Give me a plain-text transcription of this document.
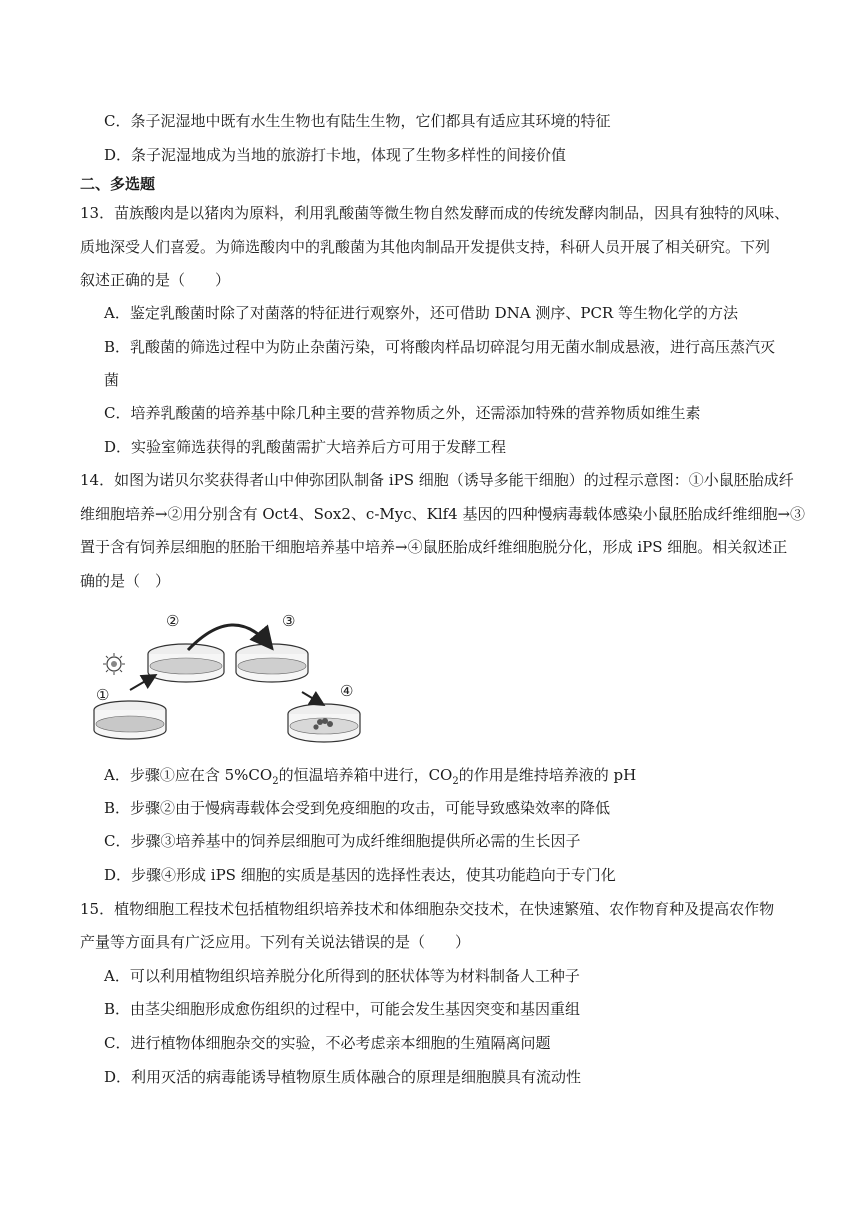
C．条子泥湿地中既有水生生物也有陆生生物，它们都具有适应其环境的特征
D．条子泥湿地成为当地的旅游打卡地，体现了生物多样性的间接价值
二、多选题
13．苗族酸肉是以猪肉为原料，利用乳酸菌等微生物自然发酵而成的传统发酵肉制品，因具有独特的风味、
质地深受人们喜爱。为筛选酸肉中的乳酸菌为其他肉制品开发提供支持，科研人员开展了相关研究。下列
叙述正确的是（　　）
A．鉴定乳酸菌时除了对菌落的特征进行观察外，还可借助 DNA 测序、PCR 等生物化学的方法
B．乳酸菌的筛选过程中为防止杂菌污染，可将酸肉样品切碎混匀用无菌水制成悬液，进行高压蒸汽灭
菌
C．培养乳酸菌的培养基中除几种主要的营养物质之外，还需添加特殊的营养物质如维生素
D．实验室筛选获得的乳酸菌需扩大培养后方可用于发酵工程
14．如图为诺贝尔奖获得者山中伸弥团队制备 iPS 细胞（诱导多能干细胞）的过程示意图：①小鼠胚胎成纤
维细胞培养→②用分别含有 Oct4、Sox2、c-Myc、Klf4 基因的四种慢病毒载体感染小鼠胚胎成纤维细胞→③
置于含有饲养层细胞的胚胎干细胞培养基中培养→④鼠胚胎成纤维细胞脱分化，形成 iPS 细胞。相关叙述正
确的是（　）
①
②	③
④
A．步骤①应在含 $5\%CO_2$的恒温培养箱中进行，$CO_2$的作用是维持培养液的 pH
B．步骤②由于慢病毒载体会受到免疫细胞的攻击，可能导致感染效率的降低
C．步骤③培养基中的饲养层细胞可为成纤维细胞提供所必需的生长因子
D．步骤④形成 iPS 细胞的实质是基因的选择性表达，使其功能趋向于专门化
15．植物细胞工程技术包括植物组织培养技术和体细胞杂交技术，在快速繁殖、农作物育种及提高农作物
产量等方面具有广泛应用。下列有关说法错误的是（　　）
A．可以利用植物组织培养脱分化所得到的胚状体等为材料制备人工种子
B．由茎尖细胞形成愈伤组织的过程中，可能会发生基因突变和基因重组
C．进行植物体细胞杂交的实验，不必考虑亲本细胞的生殖隔离问题
D．利用灭活的病毒能诱导植物原生质体融合的原理是细胞膜具有流动性
